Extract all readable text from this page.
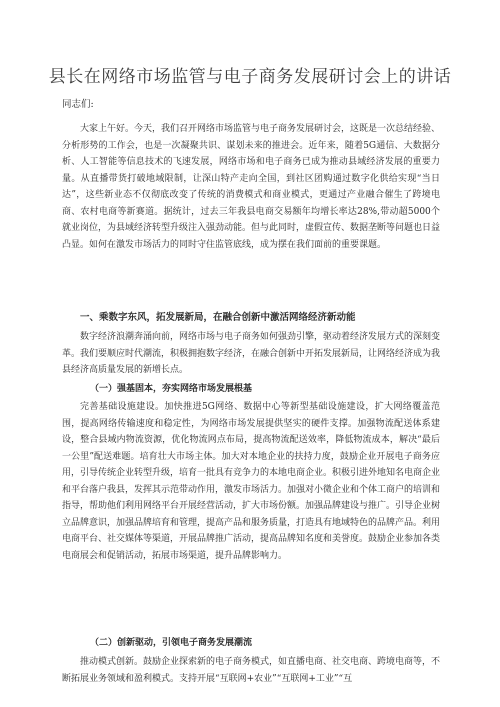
县长在网络市场监管与电子商务发展研讨会上的讲话
同志们:

大家上午好。今天，我们召开网络市场监管与电子商务发展研讨会，这既是一次总结经验、分析形势的工作会，也是一次凝聚共识、谋划未来的推进会。近年来，随着5G通信、大数据分析、人工智能等信息技术的飞速发展，网络市场和电子商务已成为推动县域经济发展的重要力量。从直播带货打破地域限制，让深山特产走向全国，到社区团购通过数字化供给实现“当日达”，这些新业态不仅彻底改变了传统的消费模式和商业模式，更通过产业融合催生了跨境电商、农村电商等新赛道。据统计，过去三年我县电商交易额年均增长率达28%,带动超5000个就业岗位，为县域经济转型升级注入强劲动能。但与此同时，虚假宣传、数据垄断等问题也日益凸显。如何在激发市场活力的同时守住监管底线，成为摆在我们面前的重要课题。

一、乘数字东风，拓发展新局，在融合创新中激活网络经济新动能

数字经济浪潮奔涌向前，网络市场与电子商务如何强劲引擎，驱动着经济发展方式的深刻变革。我们要顺应时代潮流，积极拥抱数字经济，在融合创新中开拓发展新局，让网络经济成为我县经济高质量发展的新增长点。

（一）强基固本，夯实网络市场发展根基

完善基础设施建设。加快推进5G网络、数据中心等新型基础设施建设，扩大网络覆盖范围，提高网络传输速度和稳定性，为网络市场发展提供坚实的硬件支撑。加强物流配送体系建设，整合县域内物流资源，优化物流网点布局，提高物流配送效率，降低物流成本，解决“最后一公里”配送难题。培育壮大市场主体。加大对本地企业的扶持力度，鼓励企业开展电子商务应用，引导传统企业转型升级，培育一批具有竞争力的本地电商企业。积极引进外地知名电商企业和平台落户我县，发挥其示范带动作用，激发市场活力。加强对小微企业和个体工商户的培训和指导，帮助他们利用网络平台开展经营活动，扩大市场份额。加强品牌建设与推广。引导企业树立品牌意识，加强品牌培育和管理，提高产品和服务质量，打造具有地域特色的品牌产品。利用电商平台、社交媒体等渠道，开展品牌推广活动，提高品牌知名度和美誉度。鼓励企业参加各类电商展会和促销活动，拓展市场渠道，提升品牌影响力。

（二）创新驱动，引领电子商务发展潮流

推动模式创新。鼓励企业探索新的电子商务模式，如直播电商、社交电商、跨境电商等，不断拓展业务领域和盈利模式。支持开展“互联网+农业”“互联网+工业”“互
